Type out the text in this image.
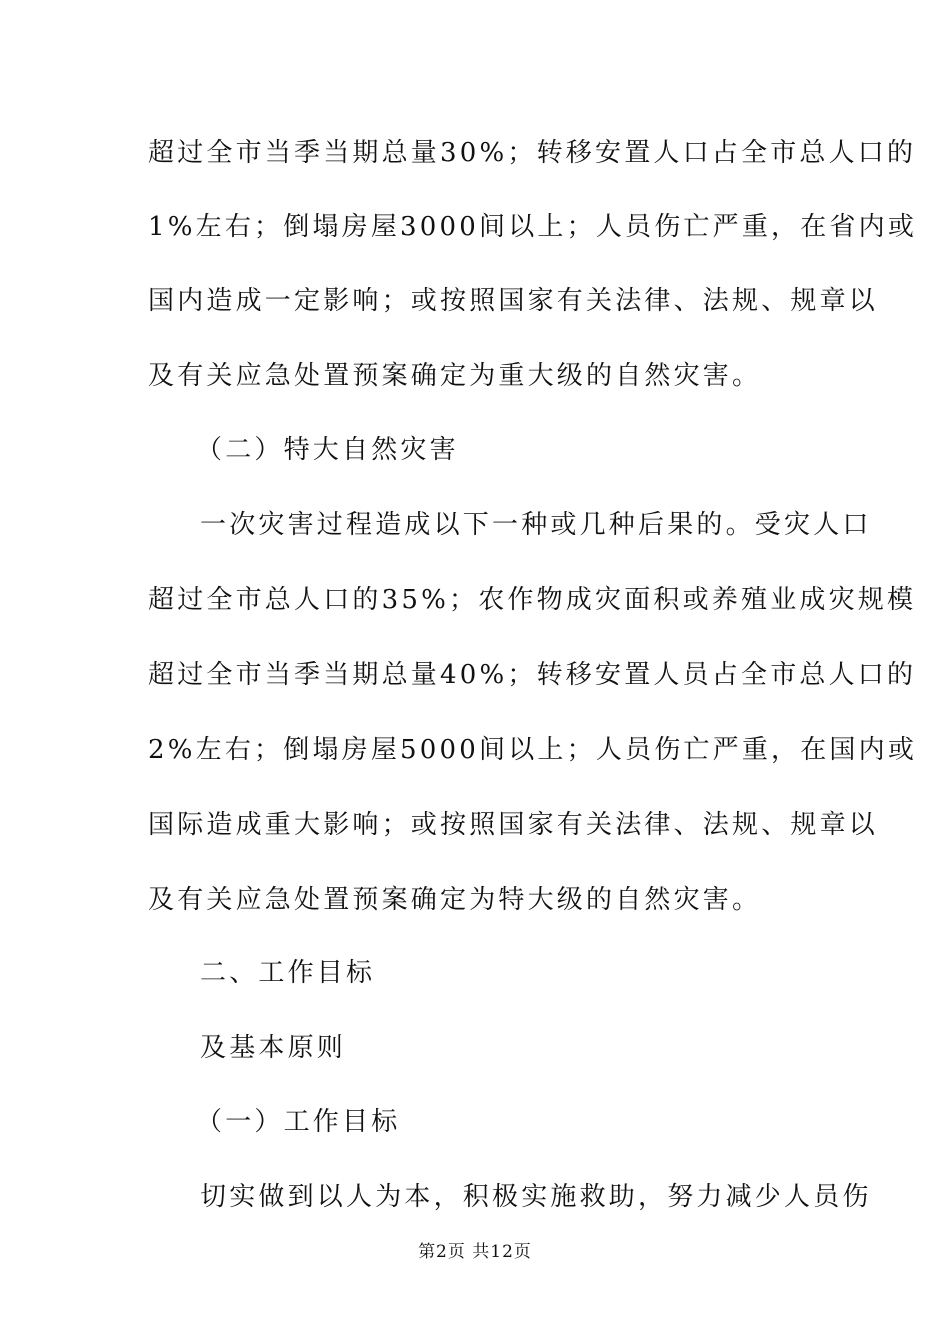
超过全市当季当期总量30%；转移安置人口占全市总人口的
1%左右；倒塌房屋3000间以上；人员伤亡严重，在省内或
国内造成一定影响；或按照国家有关法律、法规、规章以
及有关应急处置预案确定为重大级的自然灾害。
（二）特大自然灾害
一次灾害过程造成以下一种或几种后果的。受灾人口
超过全市总人口的35%；农作物成灾面积或养殖业成灾规模
超过全市当季当期总量40%；转移安置人员占全市总人口的
2%左右；倒塌房屋5000间以上；人员伤亡严重，在国内或
国际造成重大影响；或按照国家有关法律、法规、规章以
及有关应急处置预案确定为特大级的自然灾害。
二、工作目标
及基本原则
（一）工作目标
切实做到以人为本，积极实施救助，努力减少人员伤
第2页 共12页
